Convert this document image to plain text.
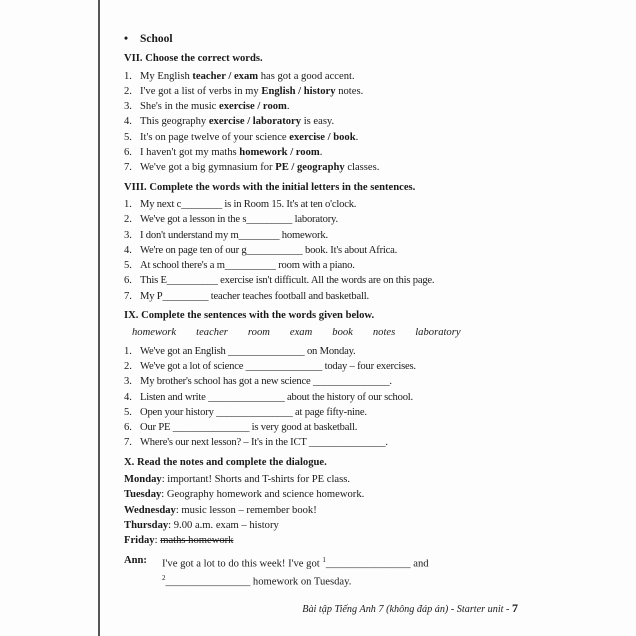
• School
VII. Choose the correct words.
1. My English teacher / exam has got a good accent.
2. I've got a list of verbs in my English / history notes.
3. She's in the music exercise / room.
4. This geography exercise / laboratory is easy.
5. It's on page twelve of your science exercise / book.
6. I haven't got my maths homework / room.
7. We've got a big gymnasium for PE / geography classes.
VIII. Complete the words with the initial letters in the sentences.
1. My next c________ is in Room 15. It's at ten o'clock.
2. We've got a lesson in the s_________ laboratory.
3. I don't understand my m________ homework.
4. We're on page ten of our g___________ book. It's about Africa.
5. At school there's a m__________ room with a piano.
6. This E__________ exercise isn't difficult. All the words are on this page.
7. My P_________ teacher teaches football and basketball.
IX. Complete the sentences with the words given below.
homework teacher room exam book notes laboratory
1. We've got an English _______________ on Monday.
2. We've got a lot of science _______________ today – four exercises.
3. My brother's school has got a new science _______________.
4. Listen and write _______________ about the history of our school.
5. Open your history _______________ at page fifty-nine.
6. Our PE _______________ is very good at basketball.
7. Where's our next lesson? – It's in the ICT _______________.
X. Read the notes and complete the dialogue.
Monday: important! Shorts and T-shirts for PE class.
Tuesday: Geography homework and science homework.
Wednesday: music lesson – remember book!
Thursday: 9.00 a.m. exam – history
Friday: maths homework
Ann:	I've got a lot to do this week! I've got $^1$________________ and
$^2$________________ homework on Tuesday.
Bài tập Tiếng Anh 7 (không đáp án) - Starter unit - 7
